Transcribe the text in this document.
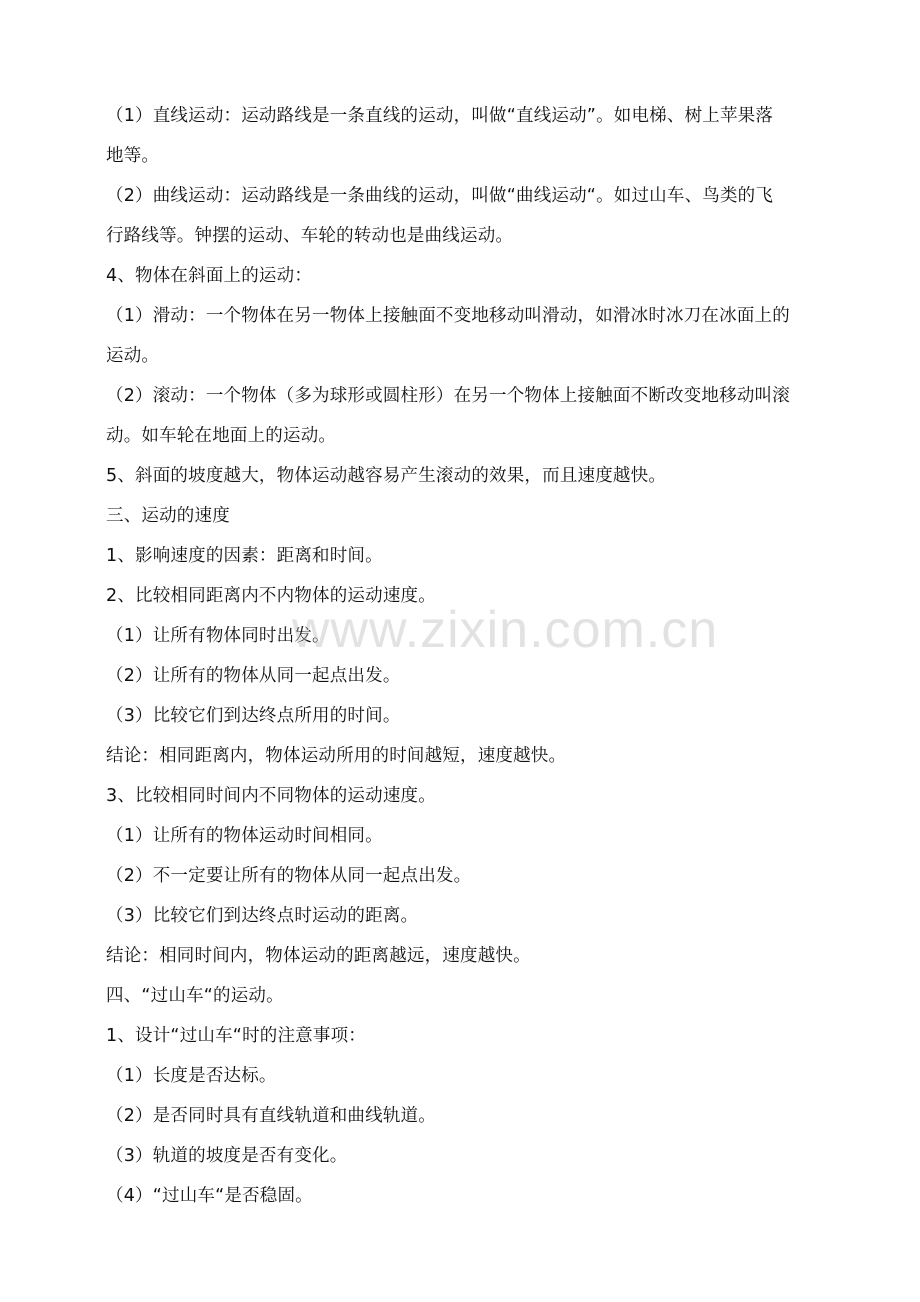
（1）直线运动：运动路线是一条直线的运动，叫做“直线运动”。如电梯、树上苹果落
地等。
（2）曲线运动：运动路线是一条曲线的运动，叫做“曲线运动“。如过山车、鸟类的飞
行路线等。钟摆的运动、车轮的转动也是曲线运动。
4、物体在斜面上的运动：
（1）滑动：一个物体在另一物体上接触面不变地移动叫滑动，如滑冰时冰刀在冰面上的
运动。
（2）滚动：一个物体（多为球形或圆柱形）在另一个物体上接触面不断改变地移动叫滚
动。如车轮在地面上的运动。
5、斜面的坡度越大，物体运动越容易产生滚动的效果，而且速度越快。
三、运动的速度
1、影响速度的因素：距离和时间。
2、比较相同距离内不内物体的运动速度。
（1）让所有物体同时出发。
（2）让所有的物体从同一起点出发。
（3）比较它们到达终点所用的时间。
结论：相同距离内，物体运动所用的时间越短，速度越快。
3、比较相同时间内不同物体的运动速度。
（1）让所有的物体运动时间相同。
（2）不一定要让所有的物体从同一起点出发。
（3）比较它们到达终点时运动的距离。
结论：相同时间内，物体运动的距离越远，速度越快。
四、“过山车“的运动。
1、设计“过山车“时的注意事项：
（1）长度是否达标。
（2）是否同时具有直线轨道和曲线轨道。
（3）轨道的坡度是否有变化。
（4）“过山车“是否稳固。
www.zixin.com.cn
